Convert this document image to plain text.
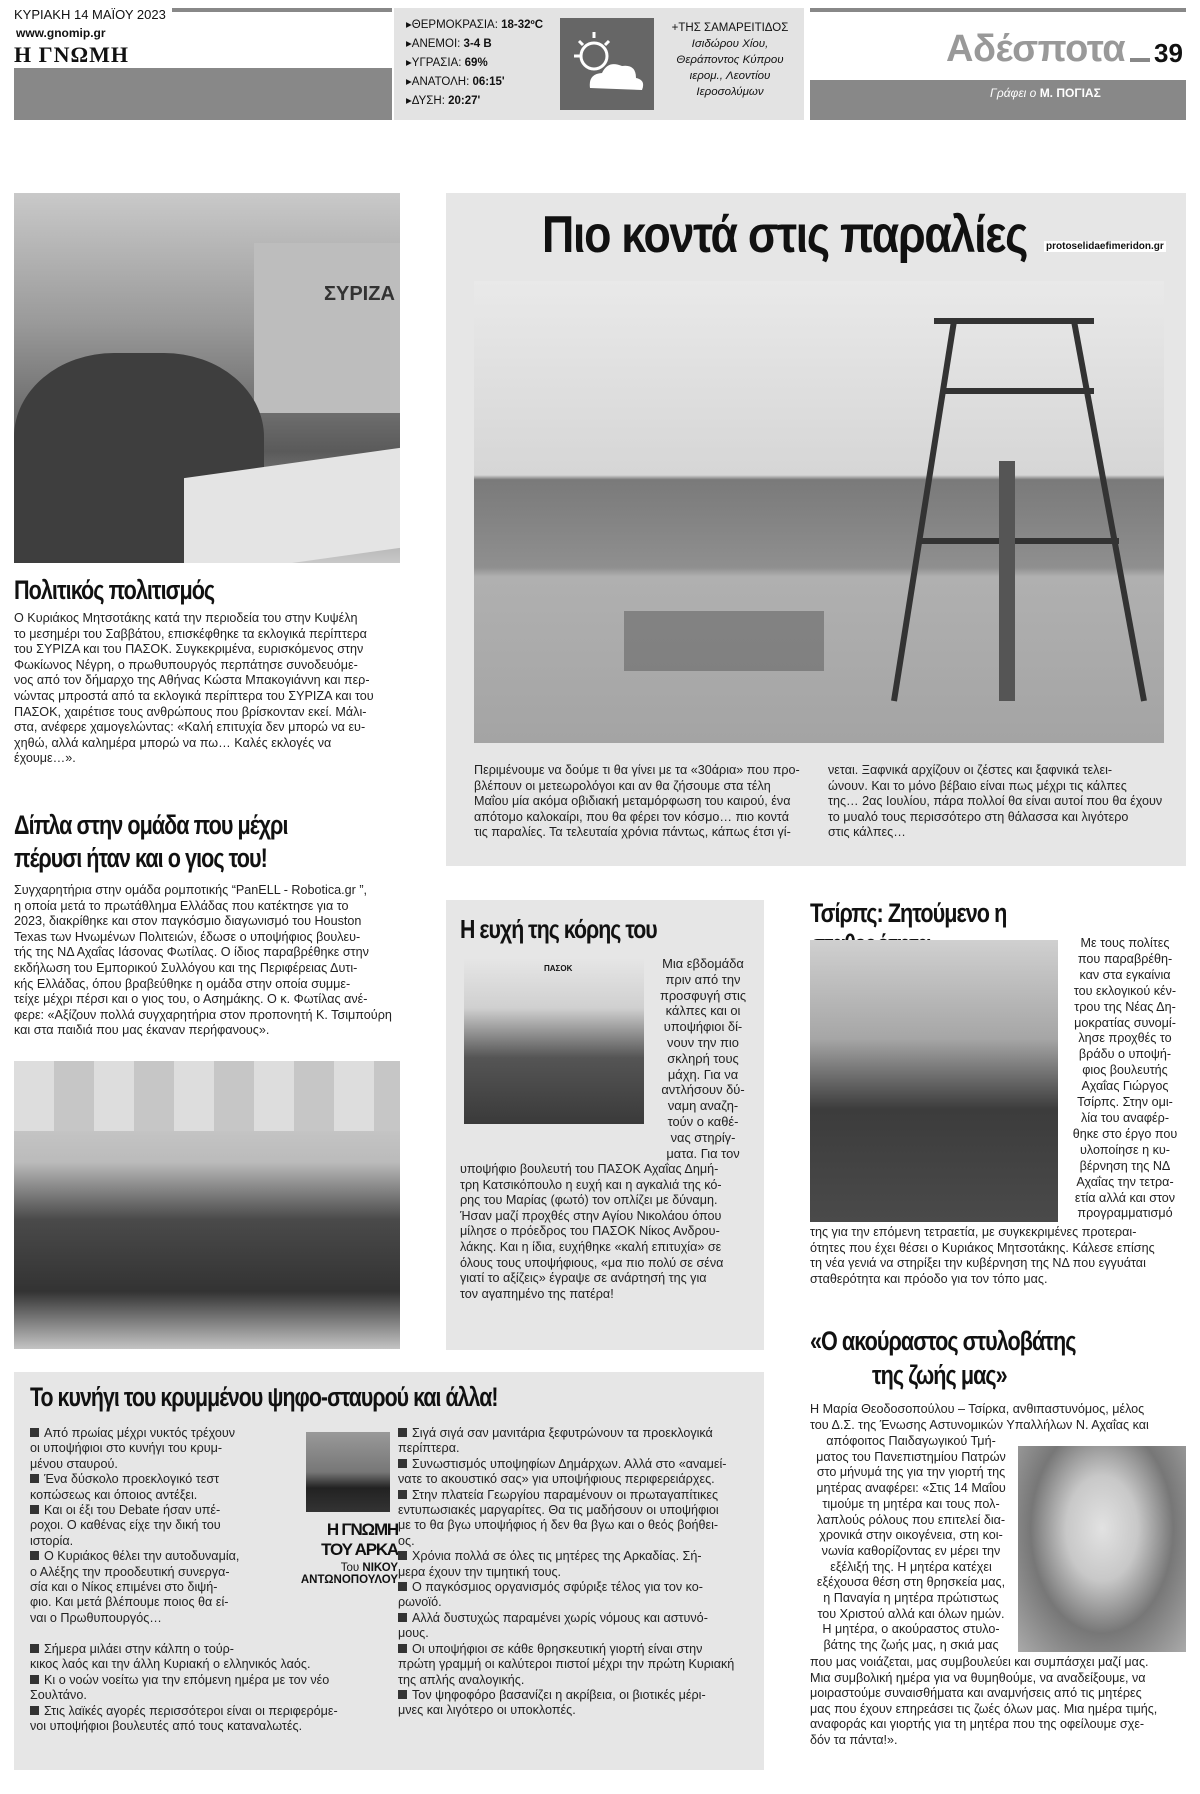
ΚΥΡΙΑΚΗ 14 ΜΑΪΟΥ 2023
www.gnomip.gr
Η ΓΝΩΜΗ
▸ΘΕΡΜΟΚΡΑΣΙΑ: 18-32ºC
▸ΑΝΕΜΟΙ: 3-4 B
▸ΥΓΡΑΣΙΑ: 69%
▸ΑΝΑΤΟΛΗ: 06:15'
▸ΔΥΣΗ: 20:27'
+ΤΗΣ ΣΑΜΑΡΕΙΤΙΔΟΣ
Ισιδώρου Χίου,
Θεράποντος Κύπρου
ιερομ., Λεοντίου
Ιεροσολύμων
Αδέσποτα 39
Γράφει ο Μ. ΠΟΓΙΑΣ
ΣΥΡΙΖΑ
Πολιτικός πολιτισμός
Ο Κυριάκος Μητσοτάκης κατά την περιοδεία του στην Κυψέλη
το μεσημέρι του Σαββάτου, επισκέφθηκε τα εκλογικά περίπτερα
του ΣΥΡΙΖΑ και του ΠΑΣΟΚ. Συγκεκριμένα, ευρισκόμενος στην
Φωκίωνος Νέγρη, ο πρωθυπουργός περπάτησε συνοδευόμε-
νος από τον δήμαρχο της Αθήνας Κώστα Μπακογιάννη και περ-
νώντας μπροστά από τα εκλογικά περίπτερα του ΣΥΡΙΖΑ και του
ΠΑΣΟΚ, χαιρέτισε τους ανθρώπους που βρίσκονταν εκεί. Μάλι-
στα, ανέφερε χαμογελώντας: «Καλή επιτυχία δεν μπορώ να ευ-
χηθώ, αλλά καλημέρα μπορώ να πω… Καλές εκλογές να
έχουμε…».
Δίπλα στην ομάδα που μέχρι
πέρυσι ήταν και ο γιος του!
Συγχαρητήρια στην ομάδα ρομποτικής “PanELL - Robotica.gr ”,
η οποία μετά το πρωτάθλημα Ελλάδας που κατέκτησε για το
2023, διακρίθηκε και στον παγκόσμιο διαγωνισμό του Houston
Texas των Ηνωμένων Πολιτειών, έδωσε ο υποψήφιος βουλευ-
τής της ΝΔ Αχαΐας Ιάσονας Φωτίλας. Ο ίδιος παραβρέθηκε στην
εκδήλωση του Εμπορικού Συλλόγου και της Περιφέρειας Δυτι-
κής Ελλάδας, όπου βραβεύθηκε η ομάδα στην οποία συμμε-
τείχε μέχρι πέρσι και ο γιος του, ο Ασημάκης. Ο κ. Φωτίλας ανέ-
φερε: «Αξίζουν πολλά συγχαρητήρια στον προπονητή Κ. Τσιμπούρη
και στα παιδιά που μας έκαναν περήφανους».
Πιο κοντά στις παραλίες protoselidaefimeridon.gr
Περιμένουμε να δούμε τι θα γίνει με τα «30άρια» που προ-
βλέπουν οι μετεωρολόγοι και αν θα ζήσουμε στα τέλη
Μαΐου μία ακόμα οβιδιακή μεταμόρφωση του καιρού, ένα
απότομο καλοκαίρι, που θα φέρει τον κόσμο… πιο κοντά
τις παραλίες. Τα τελευταία χρόνια πάντως, κάπως έτσι γί-
νεται. Ξαφνικά αρχίζουν οι ζέστες και ξαφνικά τελει-
ώνουν. Και το μόνο βέβαιο είναι πως μέχρι τις κάλπες
της… 2ας Ιουλίου, πάρα πολλοί θα είναι αυτοί που θα έχουν
το μυαλό τους περισσότερο στη θάλασσα και λιγότερο
στις κάλπες…
Η ευχή της κόρης του
ΠΑΣΟΚ	Μια εβδομάδα
πριν από την
προσφυγή στις
κάλπες και οι
υποψήφιοι δί-
νουν την πιο
σκληρή τους
μάχη. Για να
αντλήσουν δύ-
ναμη αναζη-
τούν ο καθέ-
νας στηρίγ-
ματα. Για τον
υποψήφιο βουλευτή του ΠΑΣΟΚ Αχαΐας Δημή-
τρη Κατσικόπουλο η ευχή και η αγκαλιά της κό-
ρης του Μαρίας (φωτό) τον οπλίζει με δύναμη.
Ήσαν μαζί προχθές στην Αγίου Νικολάου όπου
μίλησε ο πρόεδρος του ΠΑΣΟΚ Νίκος Ανδρου-
λάκης. Και η ίδια, ευχήθηκε «καλή επιτυχία» σε
όλους τους υποψήφιους, «μα πιο πολύ σε σένα
γιατί το αξίζεις» έγραψε σε ανάρτησή της για
τον αγαπημένο της πατέρα!
Τσίρπς: Ζητούμενο η
Με τους πολίτες
που παραβρέθη-
καν στα εγκαίνια
του εκλογικού κέν-
τρου της Νέας Δη-
μοκρατίας συνομί-
λησε προχθές το
βράδυ ο υποψή-
φιος βουλευτής
Αχαΐας Γιώργος
Τσίρπς. Στην ομι-
λία του αναφέρ-
θηκε στο έργο που
υλοποίησε η κυ-
βέρνηση της ΝΔ
Αχαΐας την τετρα-
ετία αλλά και στον
προγραμματισμό
της για την επόμενη τετραετία, με συγκεκριμένες προτεραι-
ότητες που έχει θέσει ο Κυριάκος Μητσοτάκης. Κάλεσε επίσης
τη νέα γενιά να στηρίξει την κυβέρνηση της ΝΔ που εγγυάται
σταθερότητα και πρόοδο για τον τόπο μας.
«Ο ακούραστος στυλοβάτης
της ζωής μας»
Η Μαρία Θεοδοσοπούλου – Τσίρκα, ανθιπαστυνόμος, μέλος
του Δ.Σ. της Ένωσης Αστυνομικών Υπαλλήλων Ν. Αχαΐας και
απόφοιτος Παιδαγωγικού Τμή-
ματος του Πανεπιστημίου Πατρών
στο μήνυμά της για την γιορτή της
μητέρας αναφέρει: «Στις 14 Μαΐου
τιμούμε τη μητέρα και τους πολ-
λαπλούς ρόλους που επιτελεί δια-
χρονικά στην οικογένεια, στη κοι-
νωνία καθορίζοντας εν μέρει την
εξέλιξή της. Η μητέρα κατέχει
εξέχουσα θέση στη θρησκεία μας,
η Παναγία η μητέρα πρώτιστως
του Χριστού αλλά και όλων ημών.
Η μητέρα, ο ακούραστος στυλο-
βάτης της ζωής μας, η σκιά μας
που μας νοιάζεται, μας συμβουλεύει και συμπάσχει μαζί μας.
Μια συμβολική ημέρα για να θυμηθούμε, να αναδείξουμε, να
μοιραστούμε συναισθήματα και αναμνήσεις από τις μητέρες
μας που έχουν επηρεάσει τις ζωές όλων μας. Μια ημέρα τιμής,
αναφοράς και γιορτής για τη μητέρα που της οφείλουμε σχε-
δόν τα πάντα!».
Το κυνήγι του κρυμμένου ψηφο-σταυρού και άλλα!
Από πρωίας μέχρι νυκτός τρέχουν
οι υποψήφιοι στο κυνήγι του κρυμ-
μένου σταυρού.
Ένα δύσκολο προεκλογικό τεστ
κοπώσεως και όποιος αντέξει.
Και οι έξι του Debate ήσαν υπέ-
ροχοι. Ο καθένας είχε την δική του
ιστορία.
Ο Κυριάκος θέλει την αυτοδυναμία,
ο Αλέξης την προοδευτική συνεργα-
σία και ο Νίκος επιμένει στο διψή-
φιο. Και μετά βλέπουμε ποιος θα εί-
ναι ο Πρωθυπουργός…
Η ΓΝΩΜΗ
ΤΟΥ ΑΡΚΑ
Του ΝΙΚΟΥ
ΑΝΤΩΝΟΠΟΥΛΟΥ
Σήμερα μιλάει στην κάλπη ο τούρ-
κικος λαός και την άλλη Κυριακή ο ελληνικός λαός.
Κι ο νοών νοείτω για την επόμενη ημέρα με τον νέο
Σουλτάνο.
Στις λαϊκές αγορές περισσότεροι είναι οι περιφερόμε-
νοι υποψήφιοι βουλευτές από τους καταναλωτές.
Σιγά σιγά σαν μανιτάρια ξεφυτρώνουν τα προεκλογικά
περίπτερα.
Συνωστισμός υποψηφίων Δημάρχων. Αλλά στο «αναμεί-
νατε το ακουστικό σας» για υποψήφιους περιφερειάρχες.
Στην πλατεία Γεωργίου παραμένουν οι πρωταγαπίτικες
εντυπωσιακές μαργαρίτες. Θα τις μαδήσουν οι υποψήφιοι
με το θα βγω υποψήφιος ή δεν θα βγω και ο θεός βοήθει-
ος.
Χρόνια πολλά σε όλες τις μητέρες της Αρκαδίας. Σή-
μερα έχουν την τιμητική τους.
Ο παγκόσμιος οργανισμός σφύριξε τέλος για τον κο-
ρωνοϊό.
Αλλά δυστυχώς παραμένει χωρίς νόμους και αστυνό-
μους.
Οι υποψήφιοι σε κάθε θρησκευτική γιορτή είναι στην
πρώτη γραμμή οι καλύτεροι πιστοί μέχρι την πρώτη Κυριακή
της απλής αναλογικής.
Τον ψηφοφόρο βασανίζει η ακρίβεια, οι βιοτικές μέρι-
μνες και λιγότερο οι υποκλοπές.
